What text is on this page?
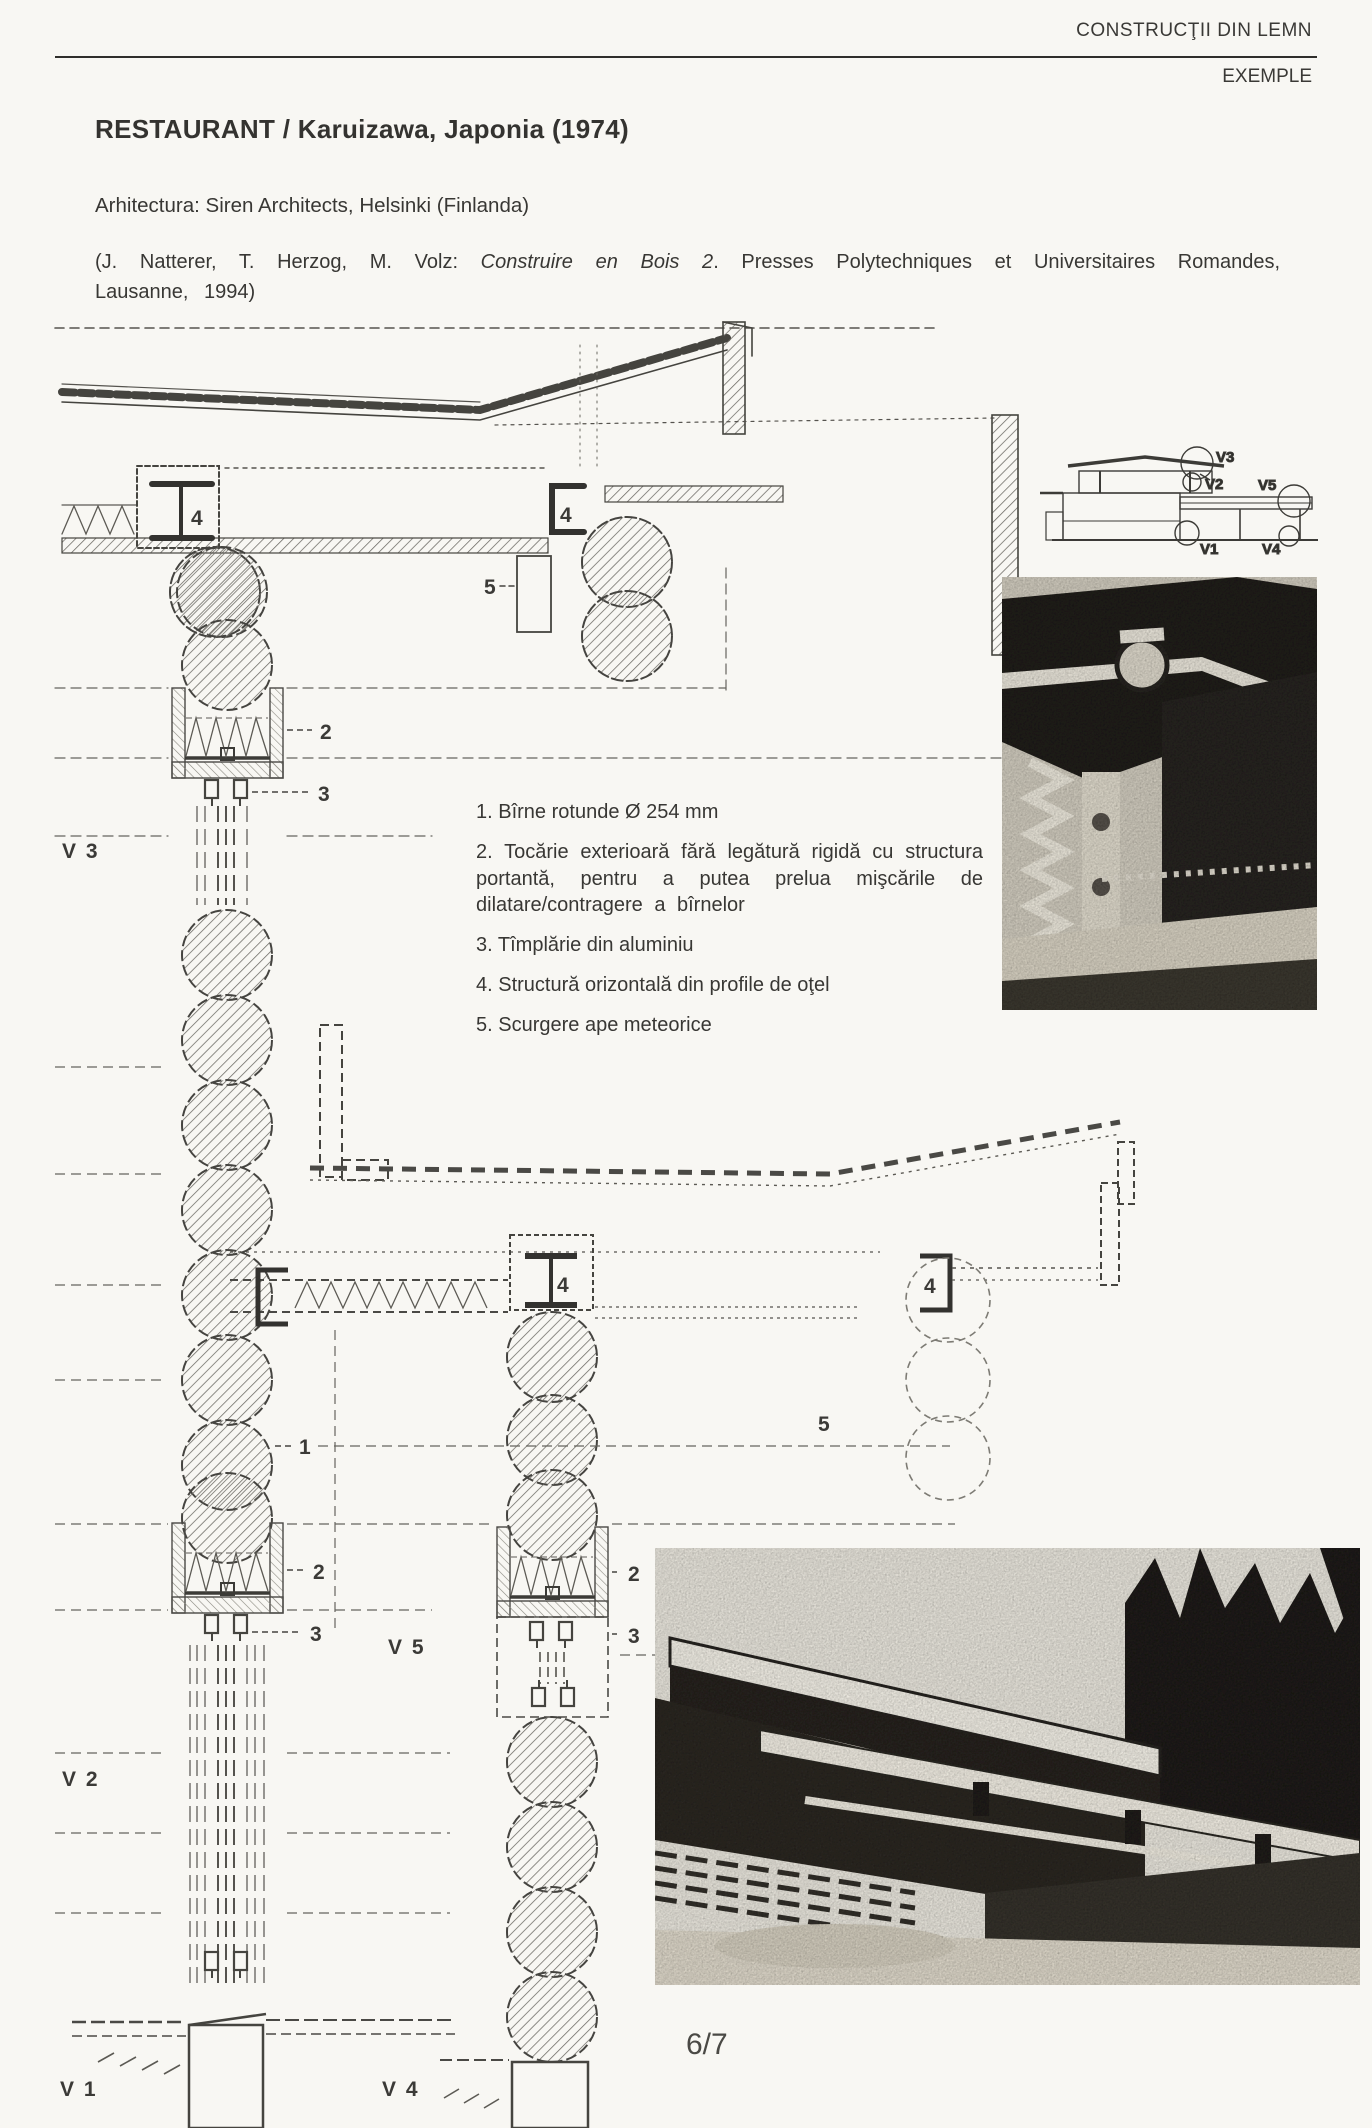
CONSTRUCŢII DIN LEMN
EXEMPLE
RESTAURANT / Karuizawa, Japonia (1974)
Arhitectura: Siren Architects, Helsinki (Finlanda)
(J. Natterer, T. Herzog, M. Volz: Construire en Bois 2. Presses Polytechniques et Universitaires Romandes, Lausanne, 1994)

1. Bîrne rotunde Ø 254 mm

2. Tocărie exterioară fără legătură rigidă cu structura portantă, pentru a putea prelua mişcările de dilatare/contragere a bîrnelor

3. Tîmplărie din aluminiu

4. Structură orizontală din profile de oţel

5. Scurgere ape meteorice

6/7
4	4
5
V3
V2 V5
V1	V4
2
3
V 3
4	4
5
1
2
3
V 2
V 1	V 4
2
3
V 5
